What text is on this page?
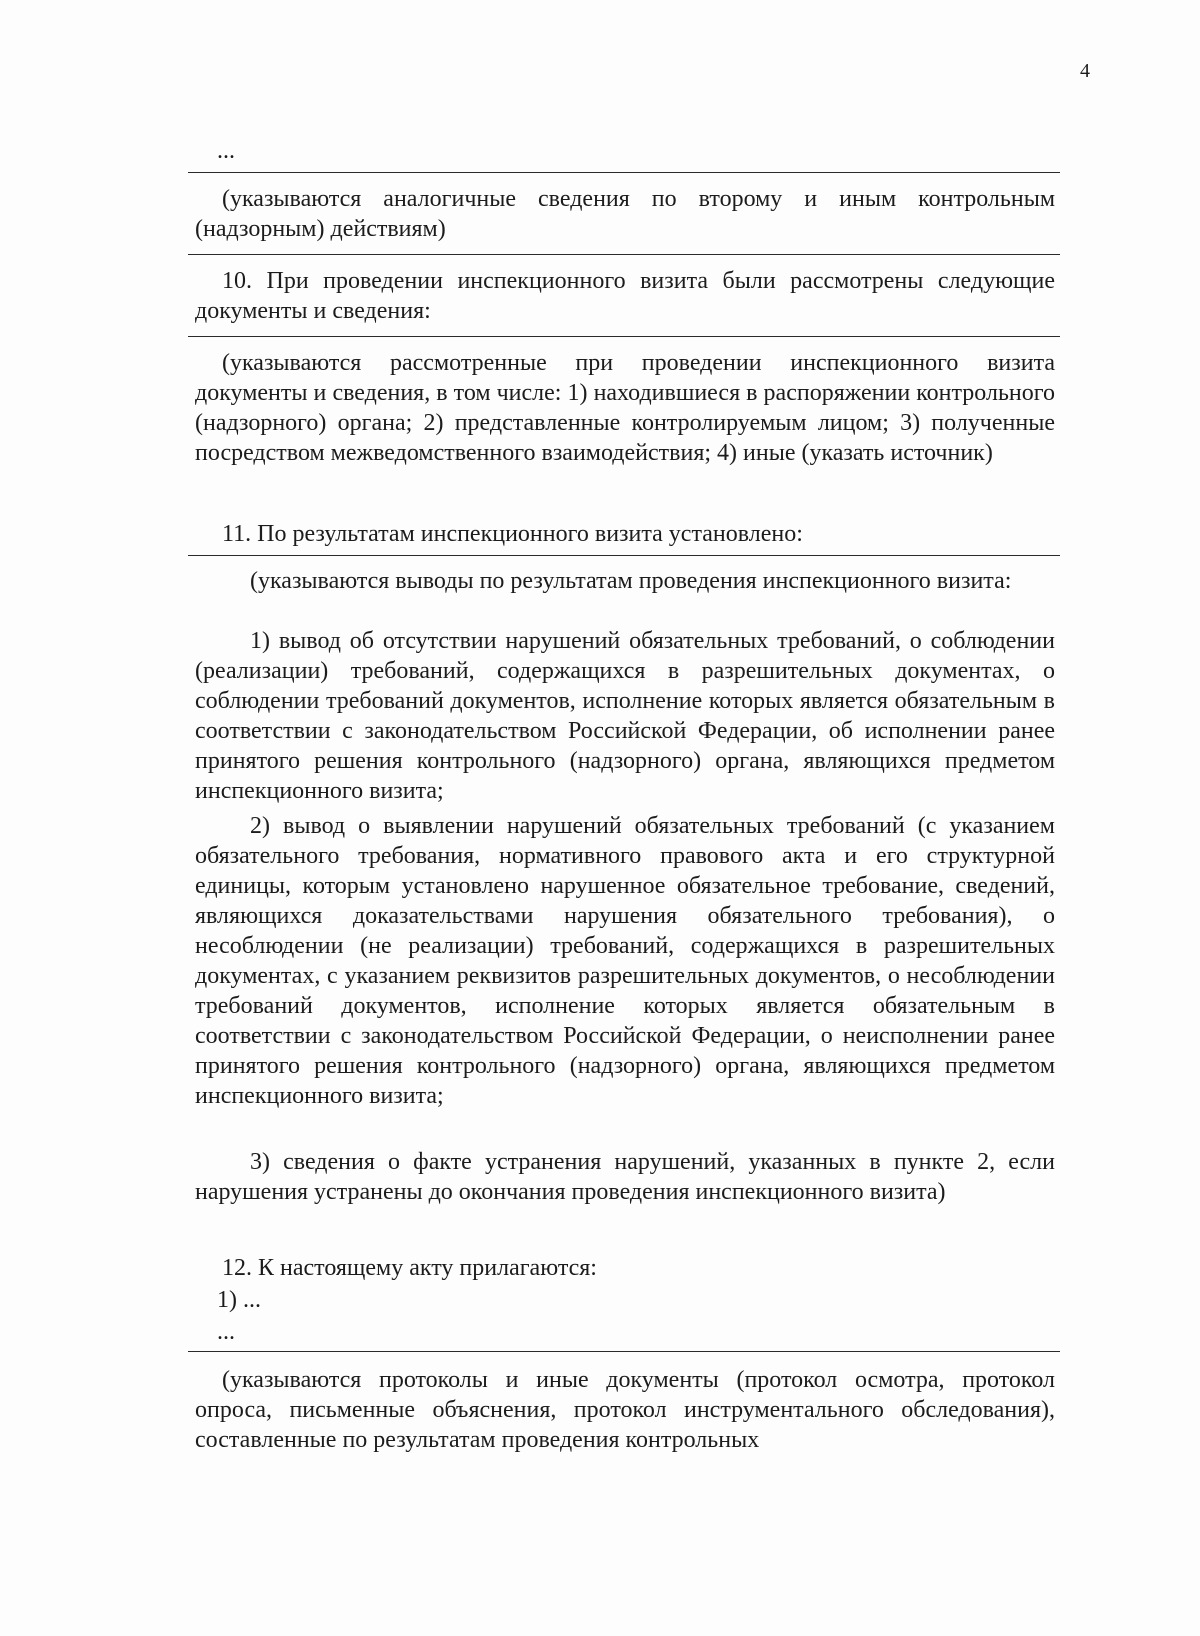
4
...
(указываются аналогичные сведения по второму и иным контрольным (надзорным) действиям)
10. При проведении инспекционного визита были рассмотрены следующие документы и сведения:
(указываются рассмотренные при проведении инспекционного визита документы и сведения, в том числе: 1) находившиеся в распоряжении контрольного (надзорного) органа; 2) представленные контролируемым лицом; 3) полученные посредством межведомственного взаимодействия; 4) иные (указать источник)
11. По результатам инспекционного визита установлено:
(указываются выводы по результатам проведения инспекционного визита:
1) вывод об отсутствии нарушений обязательных требований, о соблюдении (реализации) требований, содержащихся в разрешительных документах, о соблюдении требований документов, исполнение которых является обязательным в соответствии с законодательством Российской Федерации, об исполнении ранее принятого решения контрольного (надзорного) органа, являющихся предметом инспекционного визита;
2) вывод о выявлении нарушений обязательных требований (с указанием обязательного требования, нормативного правового акта и его структурной единицы, которым установлено нарушенное обязательное требование, сведений, являющихся доказательствами нарушения обязательного требования), о несоблюдении (не реализации) требований, содержащихся в разрешительных документах, с указанием реквизитов разрешительных документов, о несоблюдении требований документов, исполнение которых является обязательным в соответствии с законодательством Российской Федерации, о неисполнении ранее принятого решения контрольного (надзорного) органа, являющихся предметом инспекционного визита;
3) сведения о факте устранения нарушений, указанных в пункте 2, если нарушения устранены до окончания проведения инспекционного визита)
12. К настоящему акту прилагаются:
1) ...
...
(указываются протоколы и иные документы (протокол осмотра, протокол опроса, письменные объяснения, протокол инструментального обследования), составленные по результатам проведения контрольных
